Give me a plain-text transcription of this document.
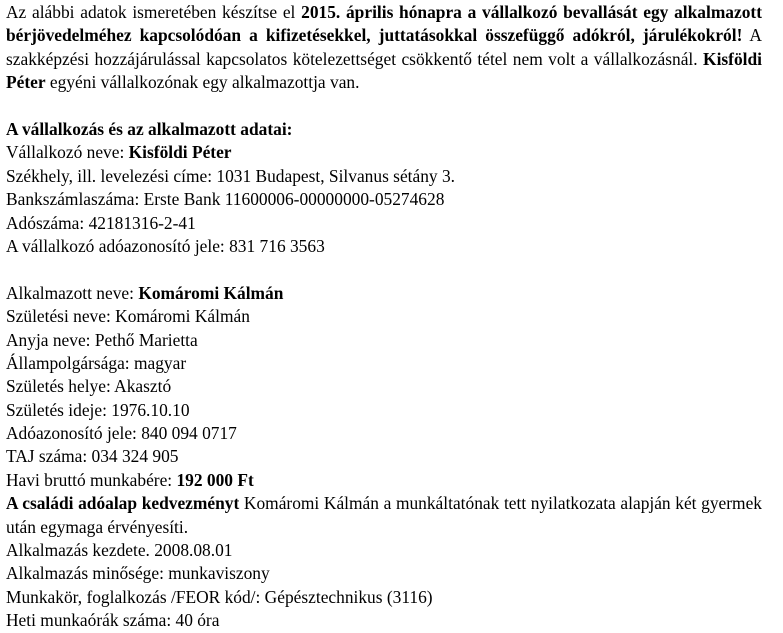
Az alábbi adatok ismeretében készítse el 2015. április hónapra a vállalkozó bevallását egy alkalmazott bérjövedelméhez kapcsolódóan a kifizetésekkel, juttatásokkal összefüggő adókról, járulékokról! A szakképzési hozzájárulással kapcsolatos kötelezettséget csökkentő tétel nem volt a vállalkozásnál. Kisföldi Péter egyéni vállalkozónak egy alkalmazottja van.

A vállalkozás és az alkalmazott adatai:

Vállalkozó neve: Kisföldi Péter

Székhely, ill. levelezési címe: 1031 Budapest, Silvanus sétány 3.

Bankszámlaszáma: Erste Bank 11600006-00000000-05274628

Adószáma: 42181316-2-41

A vállalkozó adóazonosító jele: 831 716 3563

Alkalmazott neve: Komáromi Kálmán

Születési neve: Komáromi Kálmán

Anyja neve: Pethő Marietta

Állampolgársága: magyar

Születés helye: Akasztó

Születés ideje: 1976.10.10

Adóazonosító jele: 840 094 0717

TAJ száma: 034 324 905

Havi bruttó munkabére: 192 000 Ft

A családi adóalap kedvezményt Komáromi Kálmán a munkáltatónak tett nyilatkozata alapján két gyermek után egymaga érvényesíti.

Alkalmazás kezdete. 2008.08.01

Alkalmazás minősége: munkaviszony

Munkakör, foglalkozás /FEOR kód/: Gépésztechnikus (3116)

Heti munkaórák száma: 40 óra
